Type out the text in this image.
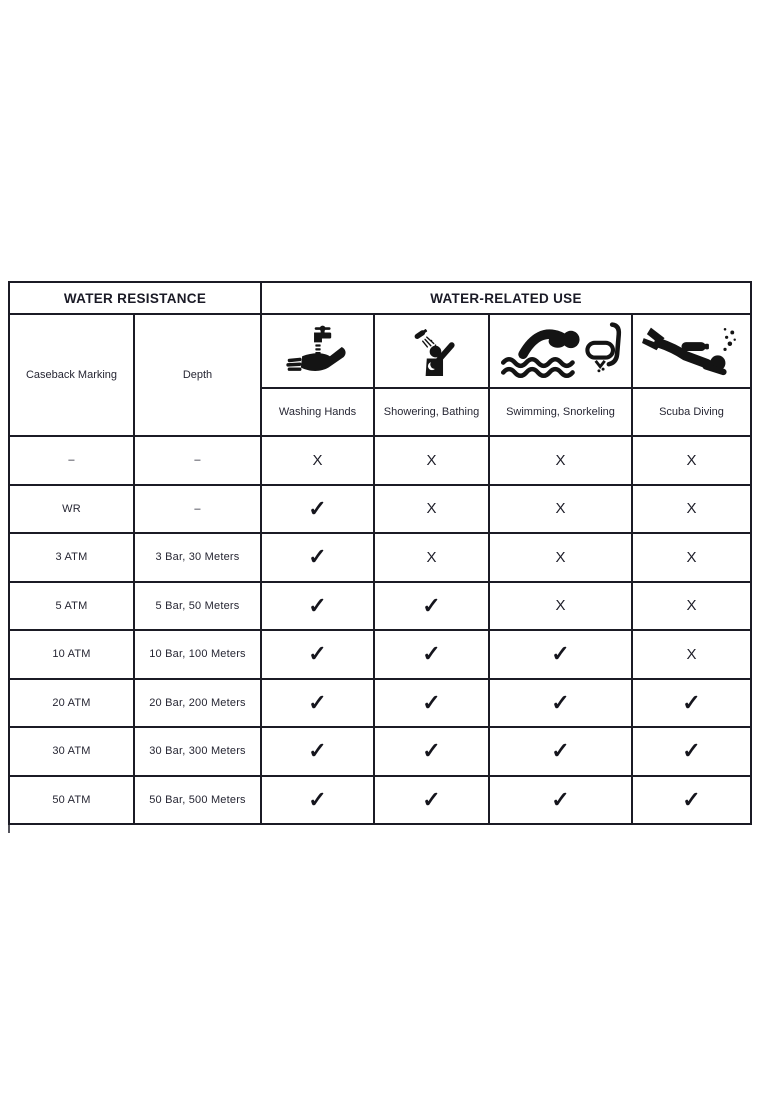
WATER RESISTANCE	WATER-RELATED USE
Caseback Marking	Depth
Washing Hands	Showering, Bathing	Swimming, Snorkeling	Scuba Diving
–	–	X	X	X	X
WR	–	✓	X	X	X
3 ATM	3 Bar, 30 Meters	✓	X	X	X
5 ATM	5 Bar, 50 Meters	✓	✓	X	X
10 ATM	10 Bar, 100 Meters	✓	✓	✓	X
20 ATM	20 Bar, 200 Meters	✓	✓	✓	✓
30 ATM	30 Bar, 300 Meters	✓	✓	✓	✓
50 ATM	50 Bar, 500 Meters	✓	✓	✓	✓
